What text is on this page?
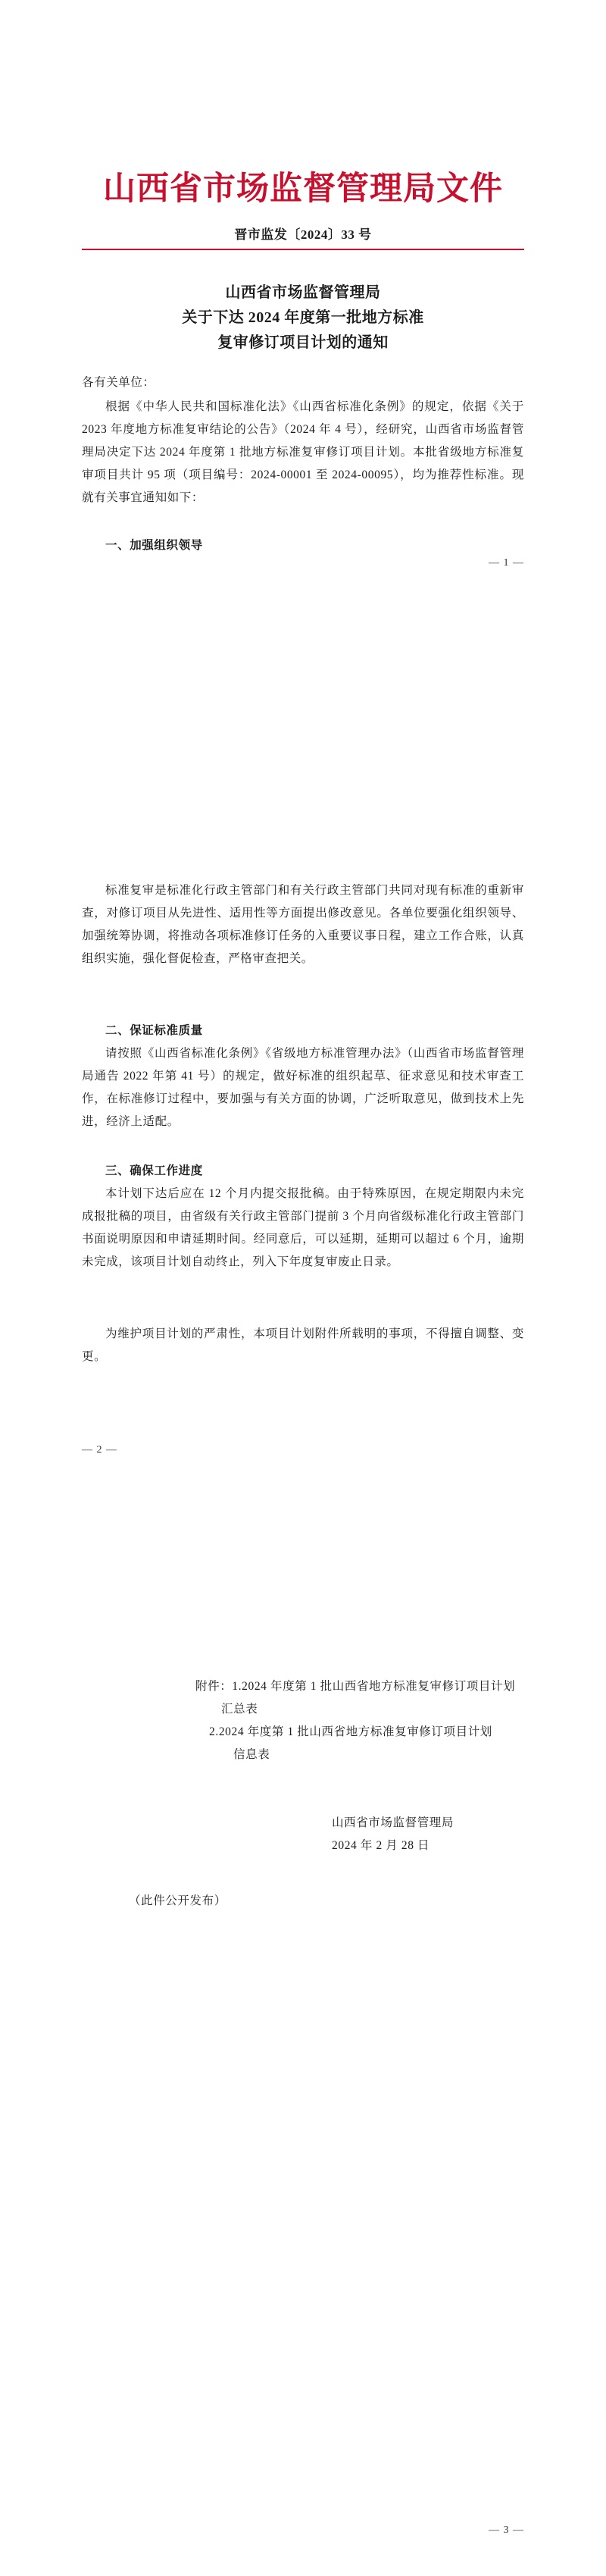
山西省市场监督管理局文件
晋市监发〔2024〕33 号
山西省市场监督管理局
关于下达 2024 年度第一批地方标准
复审修订项目计划的通知

各有关单位：

根据《中华人民共和国标准化法》《山西省标准化条例》的规定，依据《关于 2023 年度地方标准复审结论的公告》（2024 年 4 号），经研究，山西省市场监督管理局决定下达 2024 年度第 1 批地方标准复审修订项目计划。本批省级地方标准复审项目共计 95 项（项目编号：2024-00001 至 2024-00095），均为推荐性标准。现就有关事宜通知如下：

一、加强组织领导

— 1 —

标准复审是标准化行政主管部门和有关行政主管部门共同对现有标准的重新审查，对修订项目从先进性、适用性等方面提出修改意见。各单位要强化组织领导、加强统筹协调，将推动各项标准修订任务的入重要议事日程，建立工作合账，认真组织实施，强化督促检查，严格审查把关。

二、保证标准质量

请按照《山西省标准化条例》《省级地方标准管理办法》（山西省市场监督管理局通告 2022 年第 41 号）的规定，做好标准的组织起草、征求意见和技术审查工作，在标准修订过程中，要加强与有关方面的协调，广泛听取意见，做到技术上先进，经济上适配。

三、确保工作进度

本计划下达后应在 12 个月内提交报批稿。由于特殊原因，在规定期限内未完成报批稿的项目，由省级有关行政主管部门提前 3 个月向省级标准化行政主管部门书面说明原因和申请延期时间。经同意后，可以延期，延期可以超过 6 个月，逾期未完成，该项目计划自动终止，列入下年度复审废止日录。

为维护项目计划的严肃性，本项目计划附件所载明的事项，不得擅自调整、变更。

— 2 —
附件：1.2024 年度第 1 批山西省地方标准复审修订项目计划
汇总表
2.2024 年度第 1 批山西省地方标准复审修订项目计划
信息表
山西省市场监督管理局
2024 年 2 月 28 日
（此件公开发布）
— 3 —
